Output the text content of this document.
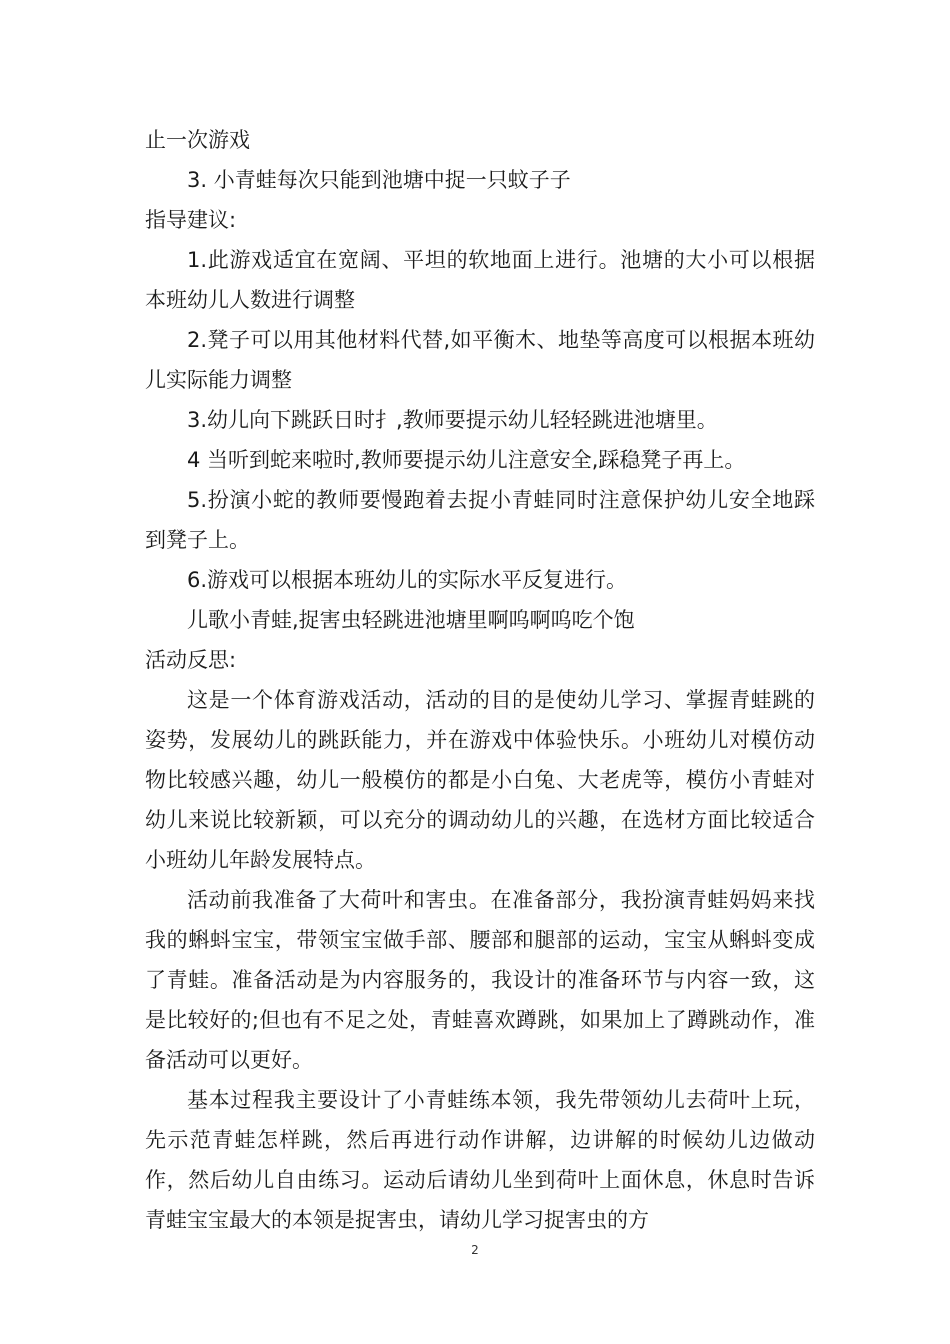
止一次游戏

3. 小青蛙每次只能到池塘中捉一只蚊子子

指导建议:

1.此游戏适宜在宽阔、平坦的软地面上进行。池塘的大小可以根据本班幼儿人数进行调整

2.凳子可以用其他材料代替,如平衡木、地垫等高度可以根据本班幼儿实际能力调整

3.幼儿向下跳跃日时扌,教师要提示幼儿轻轻跳进池塘里。

4 当听到蛇来啦时,教师要提示幼儿注意安全,踩稳凳子再上。

5.扮演小蛇的教师要慢跑着去捉小青蛙同时注意保护幼儿安全地踩到凳子上。

6.游戏可以根据本班幼儿的实际水平反复进行。

儿歌小青蛙,捉害虫轻跳进池塘里啊呜啊呜吃个饱

活动反思:

这是一个体育游戏活动，活动的目的是使幼儿学习、掌握青蛙跳的姿势，发展幼儿的跳跃能力，并在游戏中体验快乐。小班幼儿对模仿动物比较感兴趣，幼儿一般模仿的都是小白兔、大老虎等，模仿小青蛙对幼儿来说比较新颖，可以充分的调动幼儿的兴趣，在选材方面比较适合小班幼儿年龄发展特点。

活动前我准备了大荷叶和害虫。在准备部分，我扮演青蛙妈妈来找我的蝌蚪宝宝，带领宝宝做手部、腰部和腿部的运动，宝宝从蝌蚪变成了青蛙。准备活动是为内容服务的，我设计的准备环节与内容一致，这是比较好的;但也有不足之处，青蛙喜欢蹲跳，如果加上了蹲跳动作，准备活动可以更好。

基本过程我主要设计了小青蛙练本领，我先带领幼儿去荷叶上玩，先示范青蛙怎样跳，然后再进行动作讲解，边讲解的时候幼儿边做动作，然后幼儿自由练习。运动后请幼儿坐到荷叶上面休息，休息时告诉青蛙宝宝最大的本领是捉害虫，请幼儿学习捉害虫的方

2
